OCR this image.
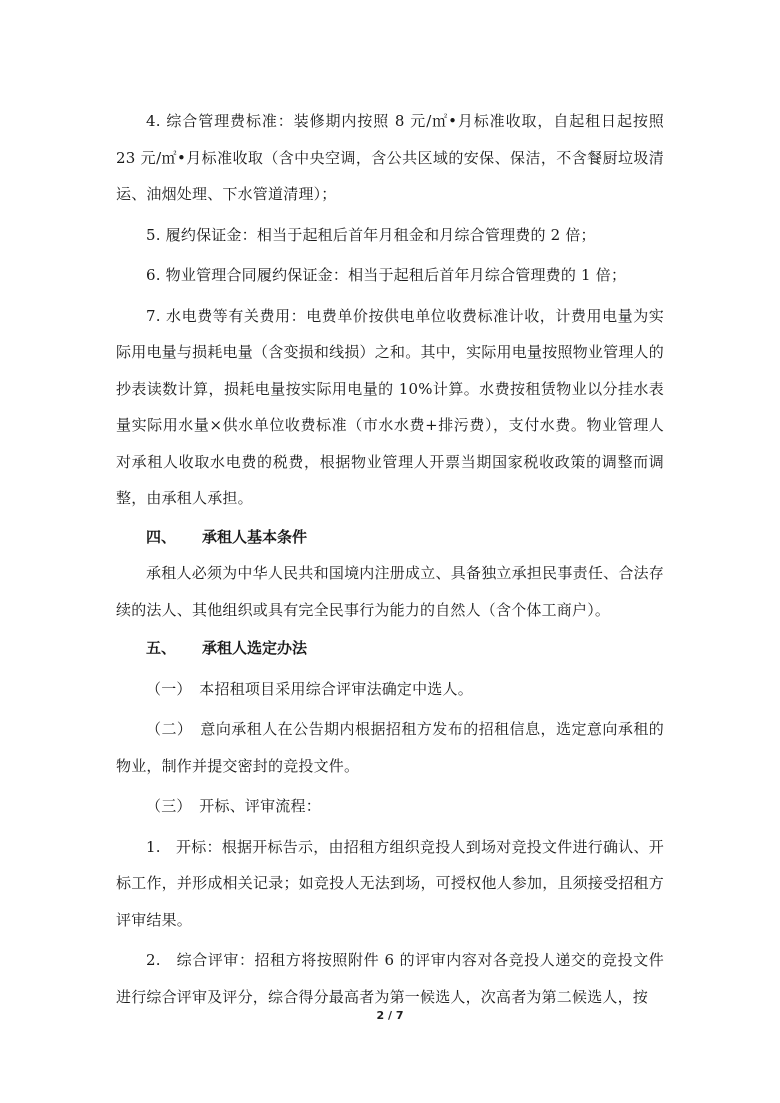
4. 综合管理费标准：装修期内按照 8 元/㎡•月标准收取，自起租日起按照 23 元/㎡•月标准收取（含中央空调，含公共区域的安保、保洁，不含餐厨垃圾清运、油烟处理、下水管道清理）；

5. 履约保证金：相当于起租后首年月租金和月综合管理费的 2 倍；

6. 物业管理合同履约保证金：相当于起租后首年月综合管理费的 1 倍；

7. 水电费等有关费用：电费单价按供电单位收费标准计收，计费用电量为实际用电量与损耗电量（含变损和线损）之和。其中，实际用电量按照物业管理人的抄表读数计算，损耗电量按实际用电量的 10%计算。水费按租赁物业以分挂水表量实际用水量×供水单位收费标准（市水水费+排污费），支付水费。物业管理人对承租人收取水电费的税费，根据物业管理人开票当期国家税收政策的调整而调整，由承租人承担。

四、 承租人基本条件

承租人必须为中华人民共和国境内注册成立、具备独立承担民事责任、合法存续的法人、其他组织或具有完全民事行为能力的自然人（含个体工商户）。

五、 承租人选定办法

（一）　本招租项目采用综合评审法确定中选人。

（二）　意向承租人在公告期内根据招租方发布的招租信息，选定意向承租的物业，制作并提交密封的竞投文件。

（三）　开标、评审流程：

1.　开标：根据开标告示，由招租方组织竞投人到场对竞投文件进行确认、开标工作，并形成相关记录；如竞投人无法到场，可授权他人参加，且须接受招租方评审结果。

2.　综合评审：招租方将按照附件 6 的评审内容对各竞投人递交的竞投文件进行综合评审及评分，综合得分最高者为第一候选人，次高者为第二候选人，按

2 / 7
